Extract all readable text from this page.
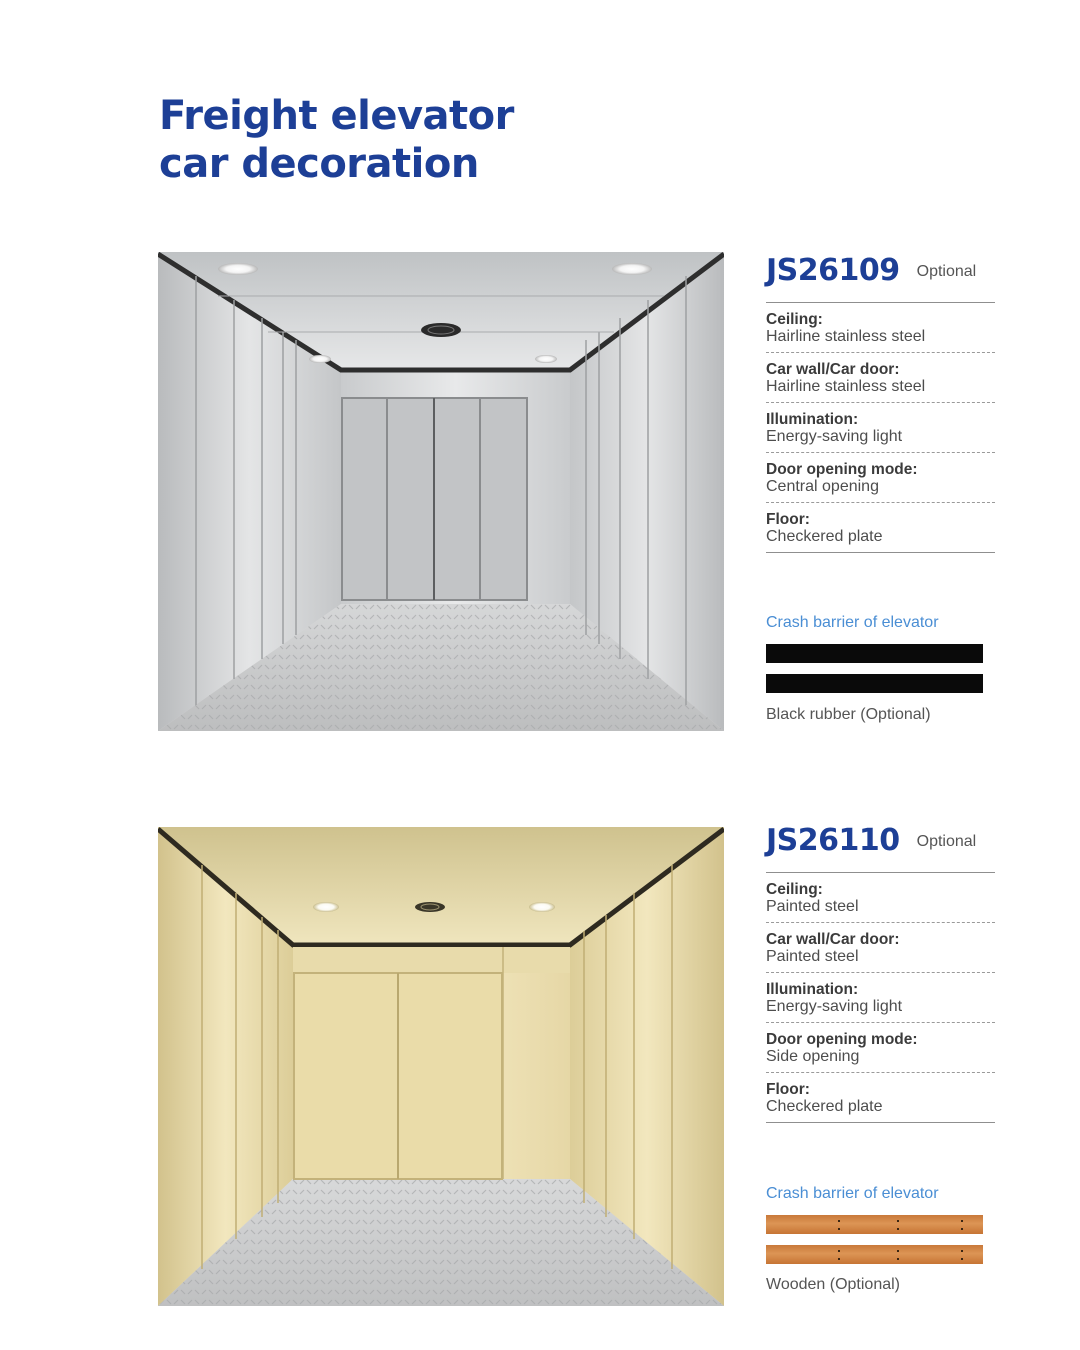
Freight elevator
car decoration
JS26109 Optional
Ceiling:
Hairline stainless steel
Car wall/Car door:
Hairline stainless steel
Illumination:
Energy-saving light
Door opening mode:
Central opening
Floor:
Checkered plate
Crash barrier of elevator
Black rubber (Optional)
JS26110 Optional
Ceiling:
Painted steel
Car wall/Car door:
Painted steel
Illumination:
Energy-saving light
Door opening mode:
Side opening
Floor:
Checkered plate
Crash barrier of elevator
Wooden (Optional)
